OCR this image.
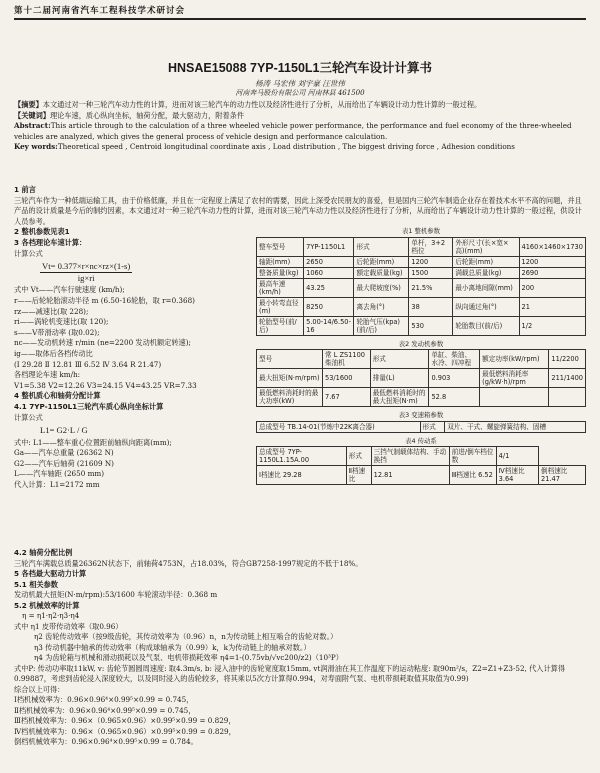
第十二届河南省汽车工程科技学术研讨会
HNSAE15088 7YP-1150L1三轮汽车设计计算书
杨涛 马宏伟 刘宇豪 汪世伟
河南奔马股份有限公司 河南林县 461500
【摘要】本文通过对一种三轮汽车动力性的计算，进而对该三轮汽车的动力性以及经济性进行了分析，从而给出了车辆设计动力性计算的一般过程。
【关键词】理论车速，质心纵向坐标，轴荷分配，最大驱动力，附着条件
Abstract:This article through to the calculation of a three wheeled vehicle power performance, the performance and fuel economy of the three-wheeled vehicles are analyzed, which gives the general process of vehicle design and performance calculation.
Key words:Theoretical speed , Centroid longitudinal coordinate axis , Load distribution , The biggest driving force , Adhesion conditions

1 前言

三轮汽车作为一种低端运输工具，由于价格低廉，并且在一定程度上满足了农村的需要，因此上深受农民朋友的喜爱，但是国内三轮汽车制造企业存在着技术水平不高的问题，并且产品的设计质量是今后的制约因素，本文通过对一种三轮汽车动力性的计算，进而对该三轮汽车动力性以及经济性进行了分析，从而给出了车辆设计动力性计算的一般过程，供设计人员参考。

2 整机参数见表1

3 各档理论车速计算：

计算公式

$\frac{Vt= 0.377\times r\times nc\times rz\times(1-s)}{ig\times ri}$

式中 Vt——汽车行驶速度 (km/h);

r——后轮轮胎滚动半径 m (6.50-16轮胎，取 r=0.368)

rz——减速比(取 228);

ri——涡轮机变速比(取 120);

s——V带滑动率 (取0.02);

nc——发动机转速 r/min (ne=2200 发动机额定转速);

ig——取体后各档传动比

(Ⅰ 29.28 Ⅱ 12.81 Ⅲ 6.52 Ⅳ 3.64 R 21.47)

各档理论车速 km/h:

V1=5.38 V2=12.26 V3=24.15 V4=43.25 VR=7.33

4 整机质心和轴荷分配计算

4.1 7YP-1150L1三轮汽车质心纵向坐标计算

计算公式

L1= G2·L / G

式中: L1——整车重心位置距前轴纵向距离(mm);

Ga——汽车总重量 (26362 N)

G2——汽车后轴荷 (21609 N)

L——汽车轴距 (2650 mm)

代入计算：L1=2172 mm

表1 整机参数
整车型号	7YP-1150L1	形式	单杆，3+2档位	外形尺寸(长×宽×高)(mm)	4160×1460×1730
轴距(mm)	2650	后轮距(mm)	1200	后轮距(mm)	1200
整备质量(kg)	1060	额定载质量(kg)	1500	满载总质量(kg)	2690
最高车速(km/h)	43.25	最大爬坡度(%)	21.5%	最小离地间隙(mm)	200
最小转弯直径(m)	8250	离去角(°)	38	纵向通过角(°)	21
轮胎型号(前/后)	5.00-14/6.50-16	轮胎气压(kpa)(前/后)	530	轮胎数目(前/后)	1/2
表2 发动机参数
型号	常 L ZS1100 柴油机	形式	单缸、柴油、水冷、四冲程	额定功率(kW/rpm)	11/2200
最大扭矩(N·m/rpm)	53/1600	排量(L)	0.903	最低燃料消耗率(g/kW·h)/rpm	211/1400
最低燃料消耗时的最大功率(kW)	7.67	最低燃料消耗时的最大扭矩(N·m)	52.8		
表3 变速箱参数
总成型号 TB.14-01(节炼中22K离合器)	形式	双片、干式、螺旋弹簧结构、固槽
表4 传动系
总成型号 7YP-1150L1.15A.00	形式	三挡气制载体结构、手动换挡	前进/倒车档位数	4/1	
Ⅰ档速比 29.28	Ⅱ档速比	12.81	Ⅲ档速比 6.52	Ⅳ档速比 3.64	倒档速比 21.47

4.2 轴荷分配比例

三轮汽车满载总质量26362N状态下，前轴荷4753N，占18.03%，符合GB7258-1997规定的不低于18%。

5 各档最大驱动力计算

5.1 相关参数

发动机最大扭矩(N·m/rpm):53/1600 车轮滚动半径：0.368 m

5.2 机械效率的计算

η = η1·η2·η3·η4

式中 η1 皮带传动效率（取0.96）

η2 齿轮传动效率（按9级齿轮，其传动效率为（0.96）n，n为传动链上相互啮合的齿轮对数。）

η3 传动机器中轴承的传动效率（构成球轴承为（0.99）k，k为传动链上的轴承对数。）

η4 为齿轮箱与机械和滑动损耗以及气泵、电机带损耗效率 η4=1-(0.75vb/√vc200/z2)（10³P）

式中P: 传动功率取11kW, v: 齿轮节圆圆周速度: 取4.3m/s, b: 浸入油中的齿轮宽度取15mm, vt润滑油在其工作温度下的运动粘度: 取90m²/s，Z2=Z1+Z3-52, 代入计算得0.99887，考虑到齿轮浸入深度较大，以及同时浸入的齿轮较多，将其乘以5次方计算得0.994，对寿面附气泵、电机带损耗取值其取值为0.99)

综合以上可得：

Ⅰ档机械效率为：0.96×0.96⁴×0.99⁵×0.99 = 0.745，

Ⅱ档机械效率为：0.96×0.96⁴×0.99⁵×0.99 = 0.745，

Ⅲ档机械效率为：0.96×（0.965×0.96）×0.99⁵×0.99 = 0.829，

Ⅳ档机械效率为：0.96×（0.965×0.96）×0.99⁵×0.99 = 0.829，

倒档机械效率为：0.96×0.96⁴×0.99⁵×0.99 = 0.784。
